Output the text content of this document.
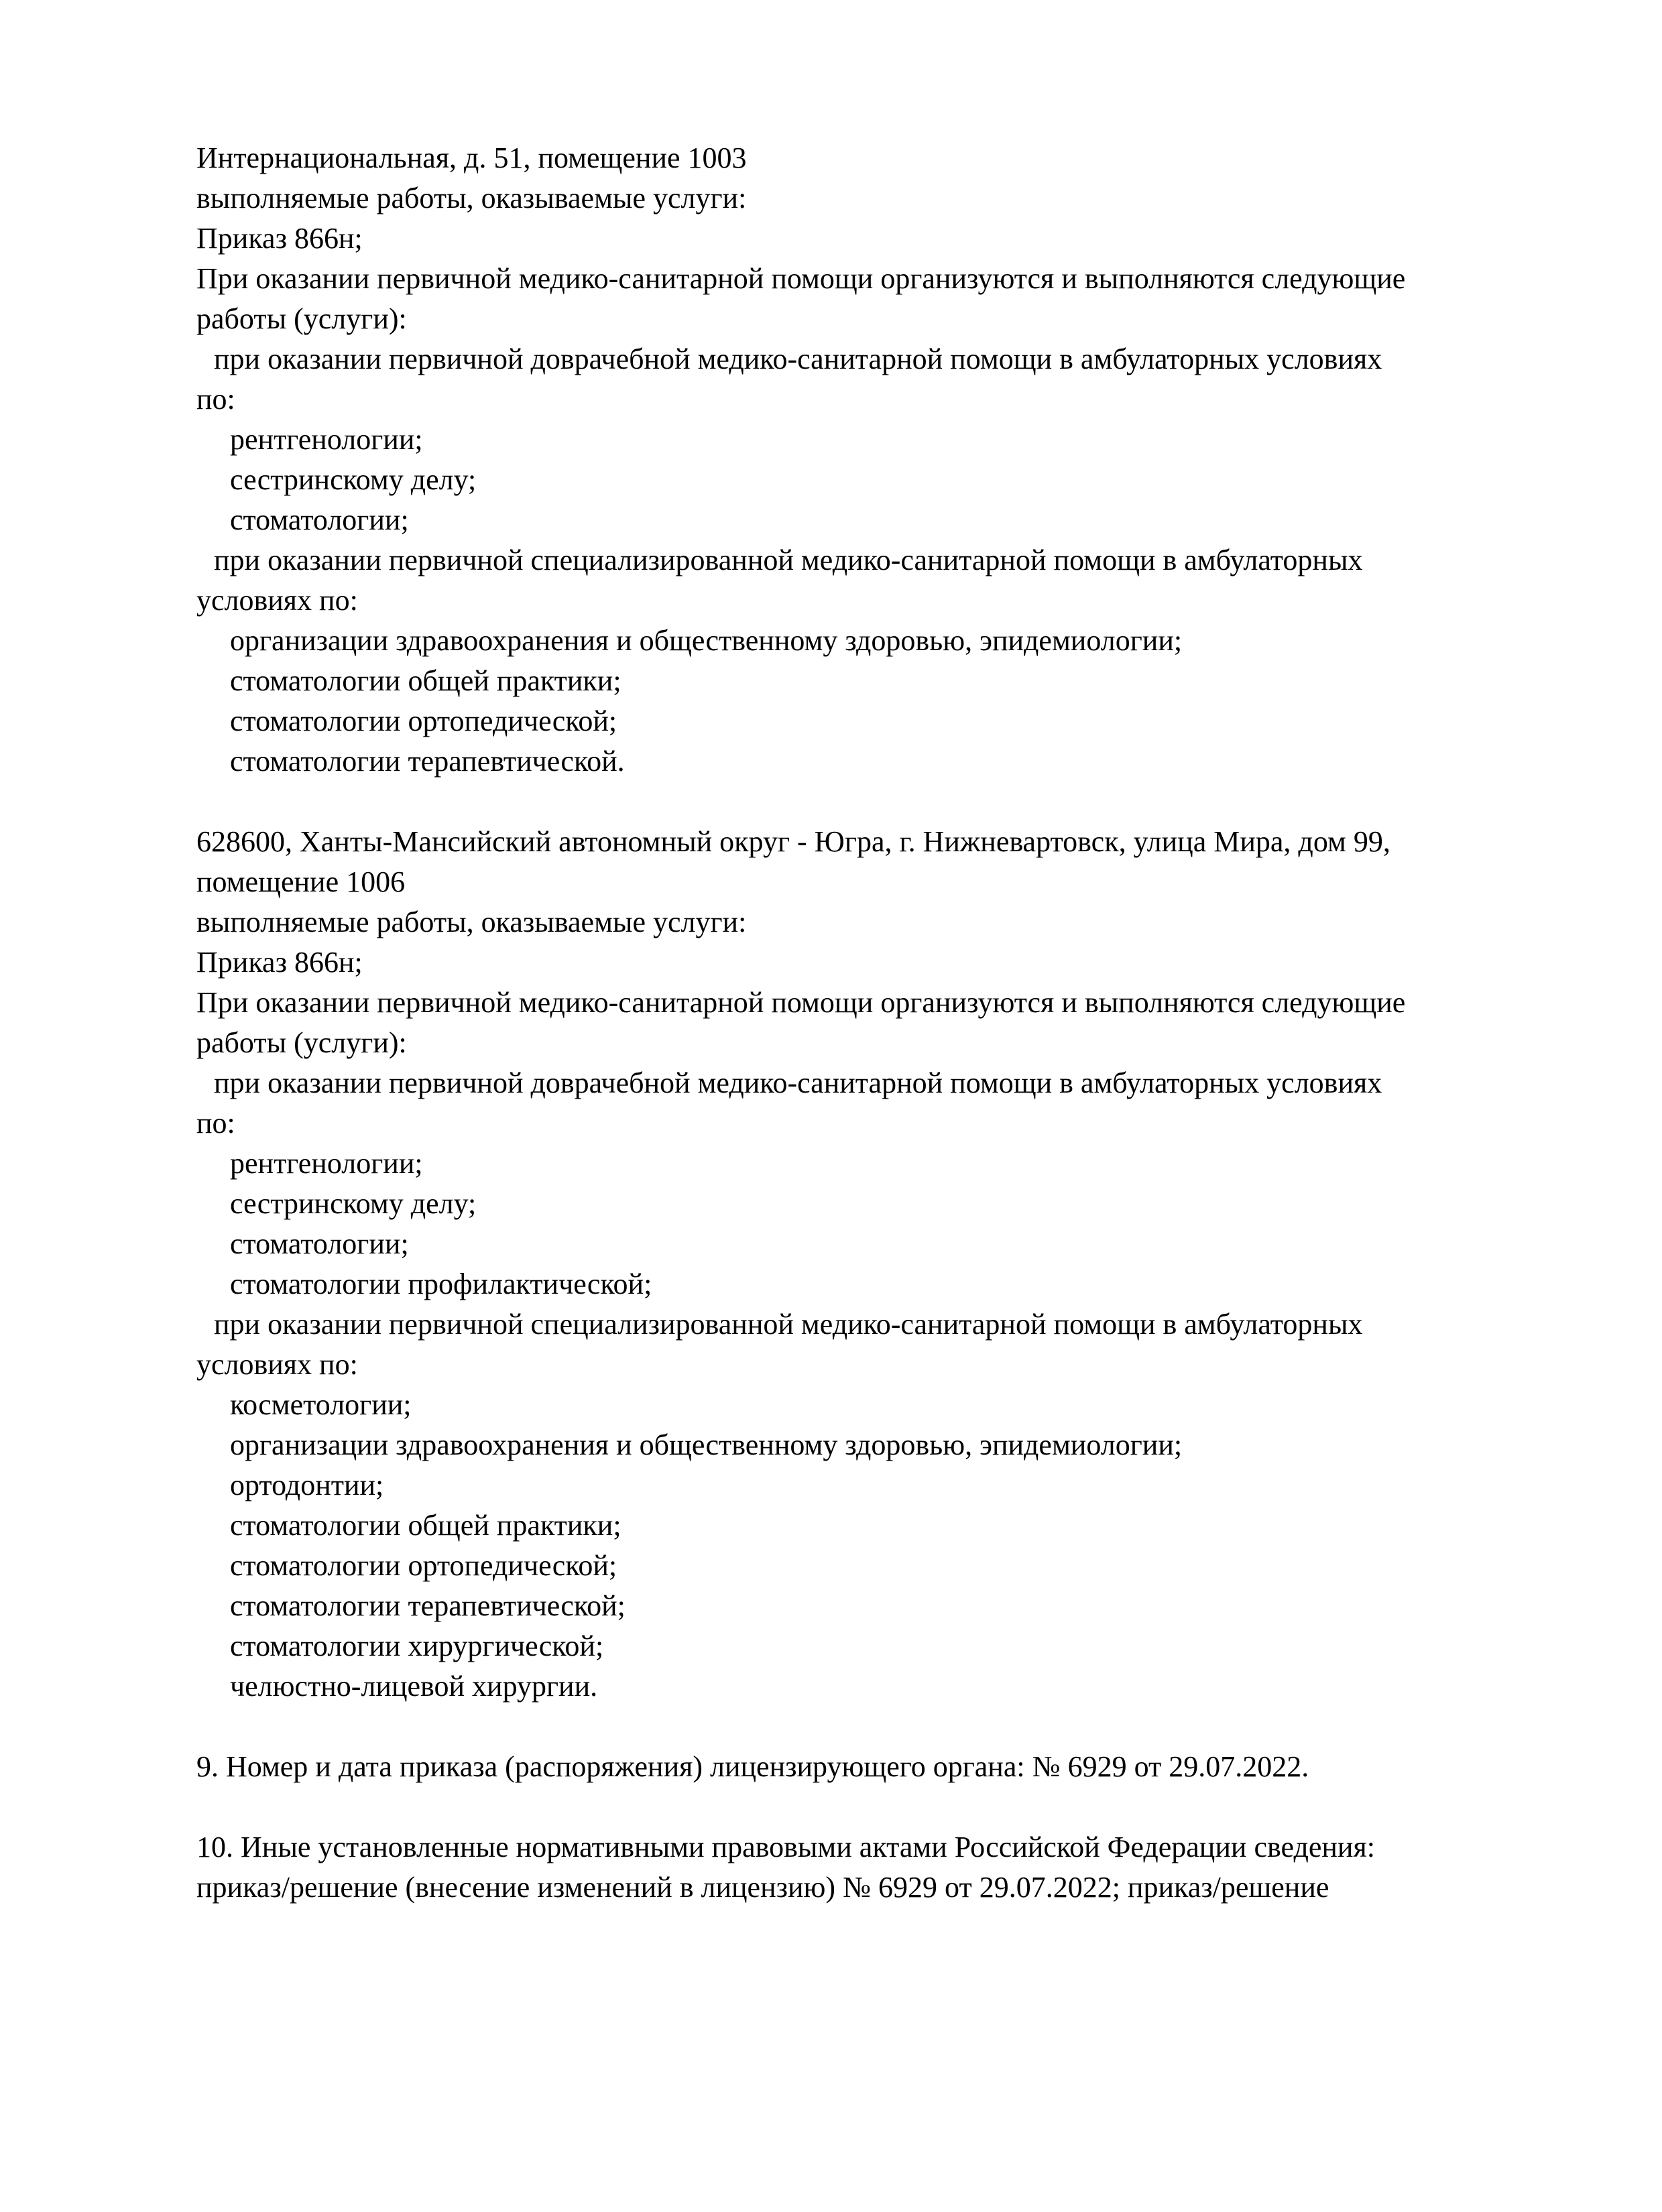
Интернациональная, д. 51, помещение 1003
выполняемые работы, оказываемые услуги:
Приказ 866н;
При оказании первичной медико-санитарной помощи организуются и выполняются следующие
работы (услуги):
при оказании первичной доврачебной медико-санитарной помощи в амбулаторных условиях
по:
рентгенологии;
сестринскому делу;
стоматологии;
при оказании первичной специализированной медико-санитарной помощи в амбулаторных
условиях по:
организации здравоохранения и общественному здоровью, эпидемиологии;
стоматологии общей практики;
стоматологии ортопедической;
стоматологии терапевтической.
628600, Ханты-Мансийский автономный округ - Югра, г. Нижневартовск, улица Мира, дом 99,
помещение 1006
выполняемые работы, оказываемые услуги:
Приказ 866н;
При оказании первичной медико-санитарной помощи организуются и выполняются следующие
работы (услуги):
при оказании первичной доврачебной медико-санитарной помощи в амбулаторных условиях
по:
рентгенологии;
сестринскому делу;
стоматологии;
стоматологии профилактической;
при оказании первичной специализированной медико-санитарной помощи в амбулаторных
условиях по:
косметологии;
организации здравоохранения и общественному здоровью, эпидемиологии;
ортодонтии;
стоматологии общей практики;
стоматологии ортопедической;
стоматологии терапевтической;
стоматологии хирургической;
челюстно-лицевой хирургии.
9. Номер и дата приказа (распоряжения) лицензирующего органа: № 6929 от 29.07.2022.
10. Иные установленные нормативными правовыми актами Российской Федерации сведения:
приказ/решение (внесение изменений в лицензию) № 6929 от 29.07.2022; приказ/решение
